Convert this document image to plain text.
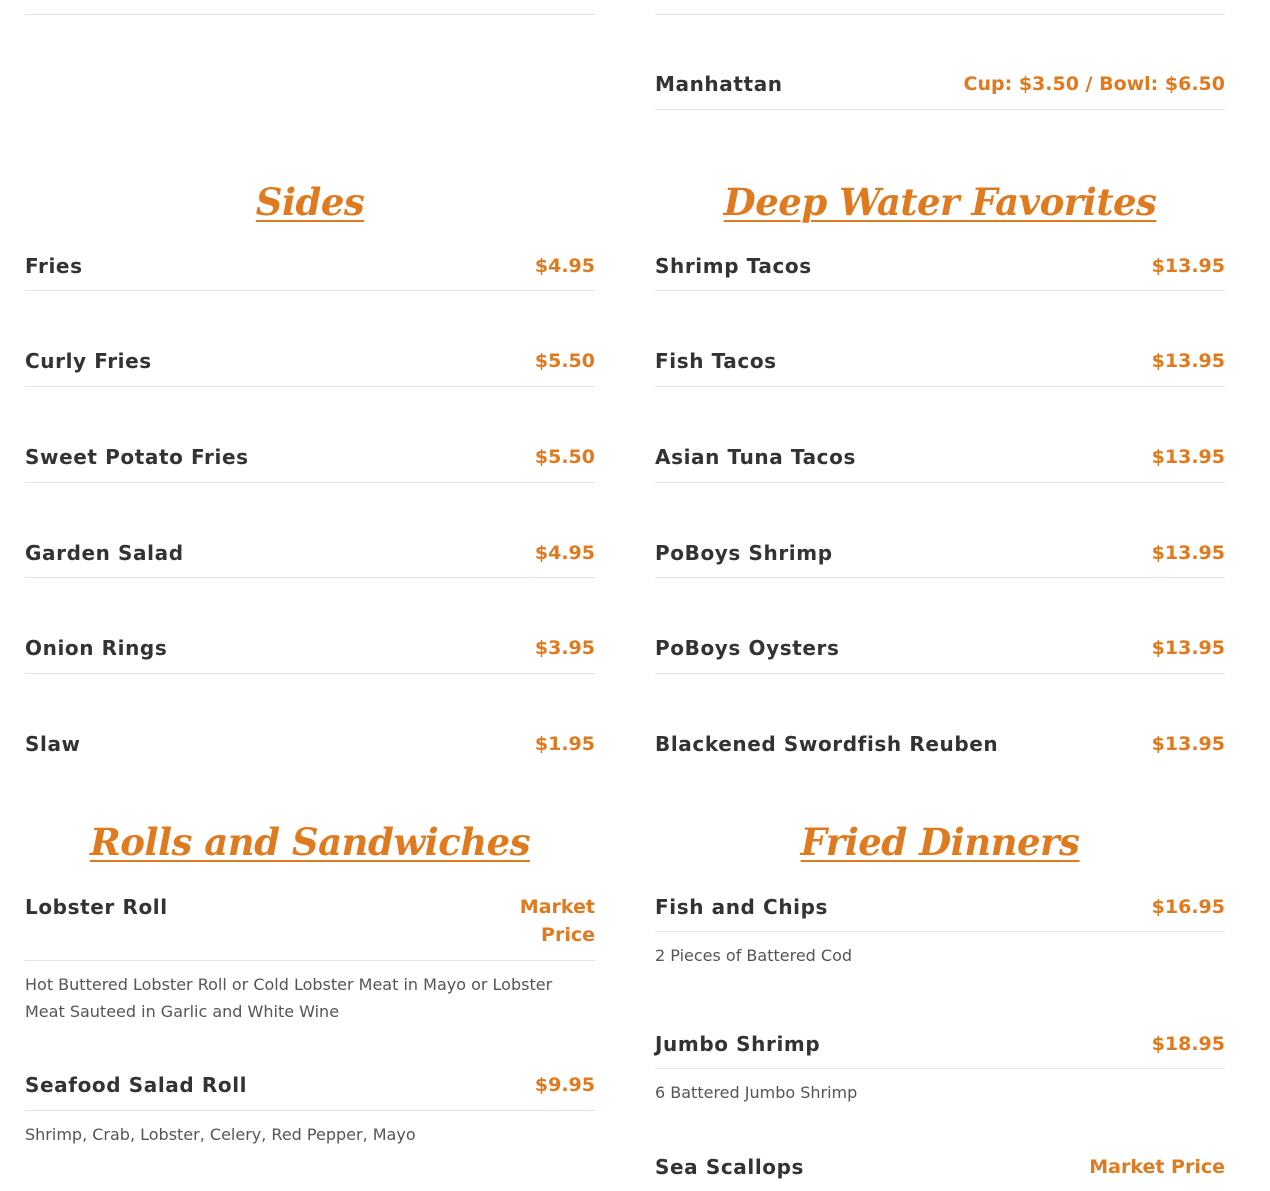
Sides
Fries	$4.95
Curly Fries	$5.50
Sweet Potato Fries	$5.50
Garden Salad	$4.95
Onion Rings	$3.95
Slaw	$1.95
Rolls and Sandwiches
Lobster Roll	Market Price
Hot Buttered Lobster Roll or Cold Lobster Meat in Mayo or Lobster Meat Sauteed in Garlic and White Wine
Seafood Salad Roll	$9.95
Shrimp, Crab, Lobster, Celery, Red Pepper, Mayo
Manhattan	Cup: $3.50 / Bowl: $6.50
Deep Water Favorites
Shrimp Tacos	$13.95
Fish Tacos	$13.95
Asian Tuna Tacos	$13.95
PoBoys Shrimp	$13.95
PoBoys Oysters	$13.95
Blackened Swordfish Reuben	$13.95
Fried Dinners
Fish and Chips	$16.95
2 Pieces of Battered Cod
Jumbo Shrimp	$18.95
6 Battered Jumbo Shrimp
Sea Scallops	Market Price
